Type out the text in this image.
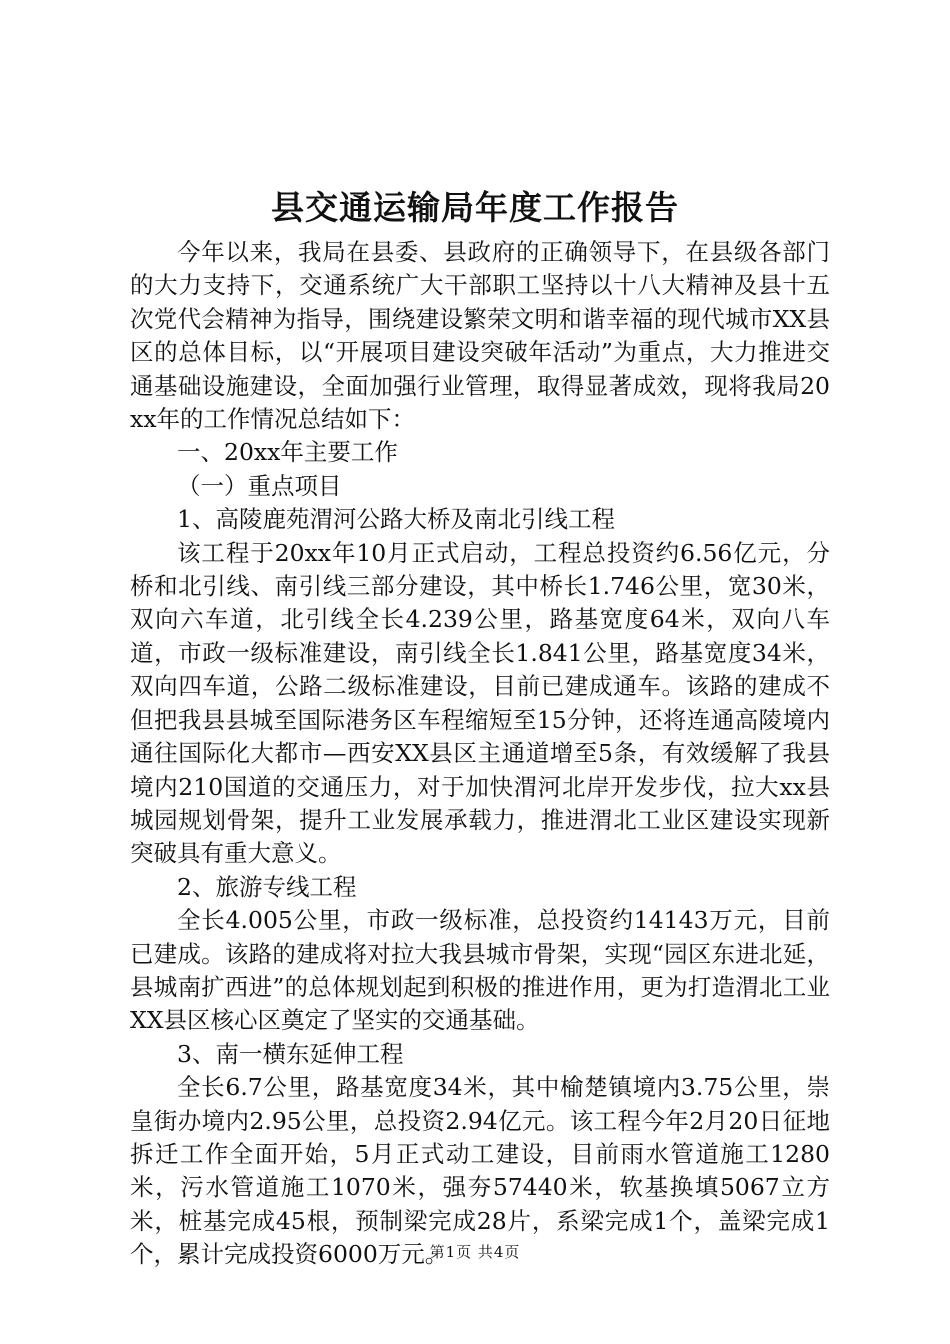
县交通运输局年度工作报告

今年以来，我局在县委、县政府的正确领导下，在县级各部门的大力支持下，交通系统广大干部职工坚持以十八大精神及县十五次党代会精神为指导，围绕建设繁荣文明和谐幸福的现代城市XX县区的总体目标，以“开展项目建设突破年活动”为重点，大力推进交通基础设施建设，全面加强行业管理，取得显著成效，现将我局20xx年的工作情况总结如下：

一、20xx年主要工作

（一）重点项目

1、高陵鹿苑渭河公路大桥及南北引线工程

该工程于20xx年10月正式启动，工程总投资约6.56亿元，分桥和北引线、南引线三部分建设，其中桥长1.746公里，宽30米，双向六车道，北引线全长4.239公里，路基宽度64米，双向八车道，市政一级标准建设，南引线全长1.841公里，路基宽度34米，双向四车道，公路二级标准建设，目前已建成通车。该路的建成不但把我县县城至国际港务区车程缩短至15分钟，还将连通高陵境内通往国际化大都市—西安XX县区主通道增至5条，有效缓解了我县境内210国道的交通压力，对于加快渭河北岸开发步伐，拉大xx县城园规划骨架，提升工业发展承载力，推进渭北工业区建设实现新突破具有重大意义。

2、旅游专线工程

全长4.005公里，市政一级标准，总投资约14143万元，目前已建成。该路的建成将对拉大我县城市骨架，实现“园区东进北延，县城南扩西进”的总体规划起到积极的推进作用，更为打造渭北工业XX县区核心区奠定了坚实的交通基础。

3、南一横东延伸工程

全长6.7公里，路基宽度34米，其中榆楚镇境内3.75公里，崇皇街办境内2.95公里，总投资2.94亿元。该工程今年2月20日征地拆迁工作全面开始，5月正式动工建设，目前雨水管道施工1280米，污水管道施工1070米，强夯57440米，软基换填5067立方米，桩基完成45根，预制梁完成28片，系梁完成1个，盖梁完成1个，累计完成投资6000万元。

第1页 共4页
